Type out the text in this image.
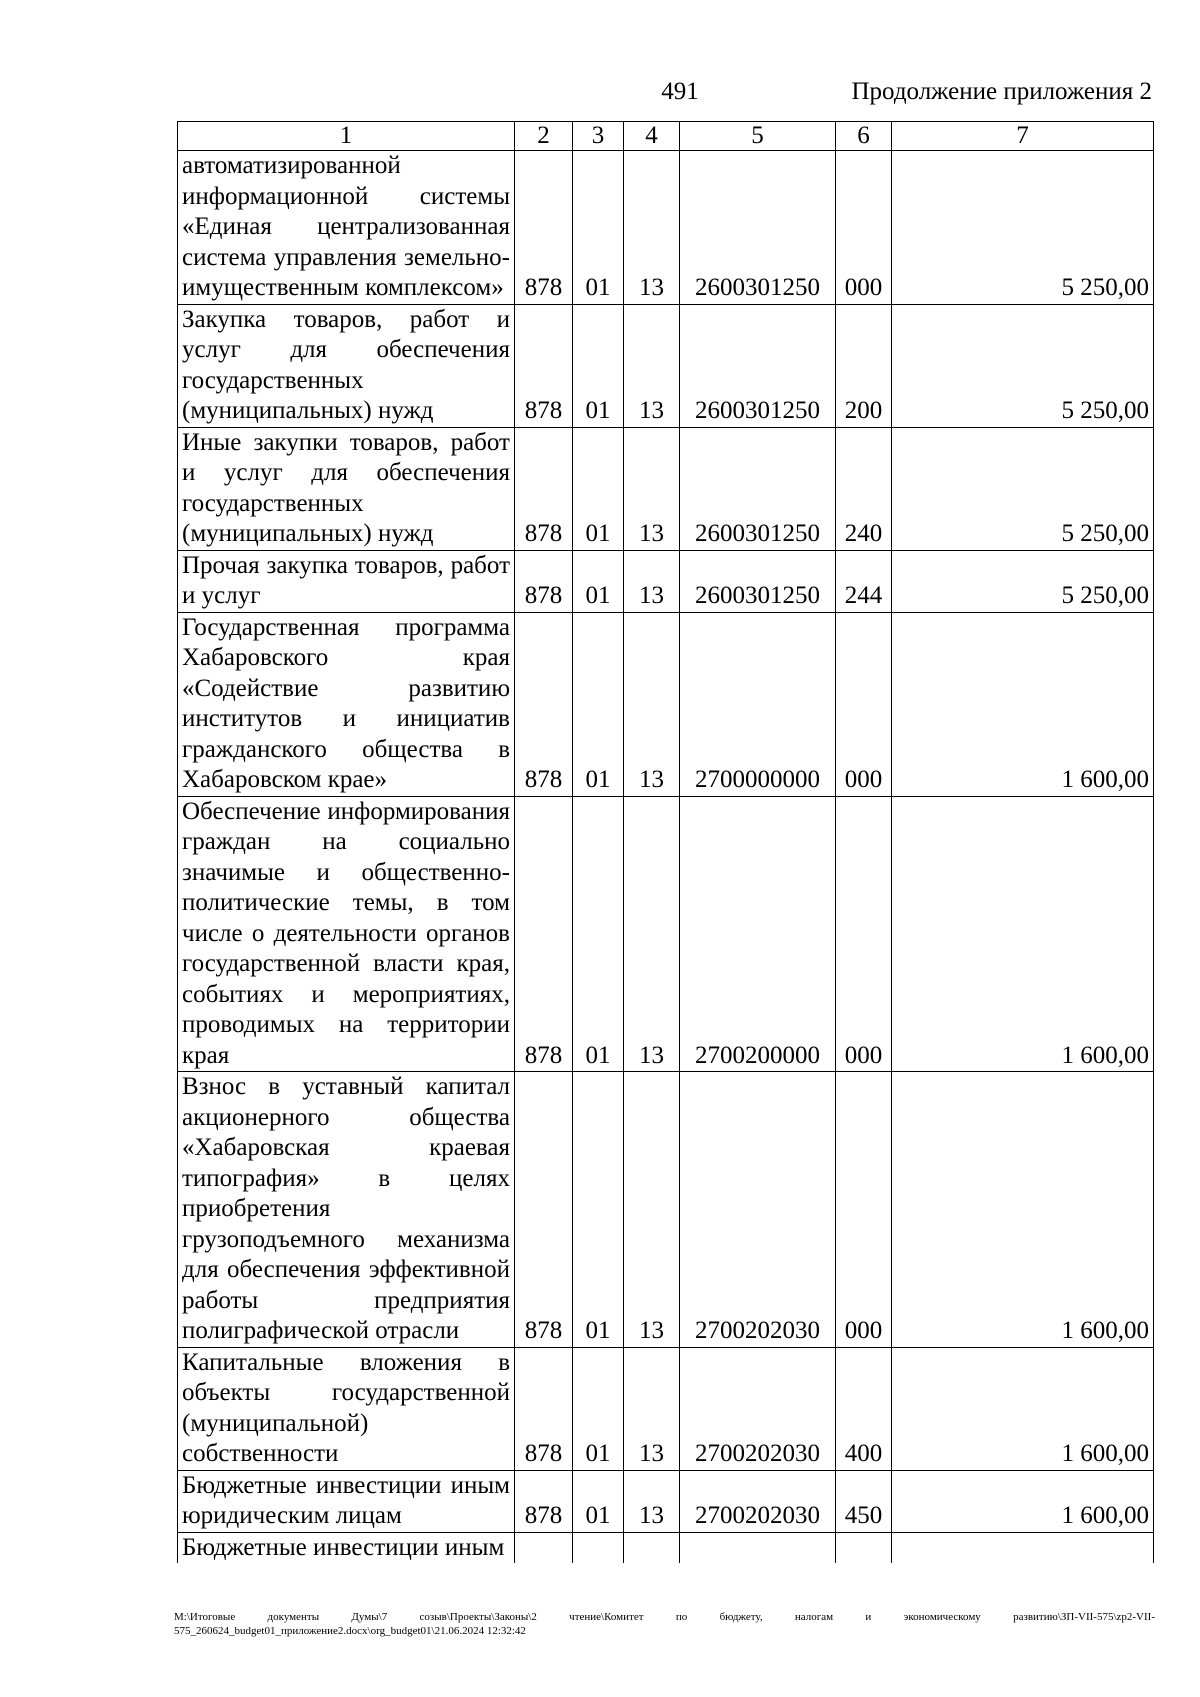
491	Продолжение приложения 2
1	2	3	4	5	6	7
автоматизированной информационной системы «Единая централизованная система управления земельно-имущественным комплексом»	878	01	13	2600301250	000	5 250,00
Закупка товаров, работ и услуг для обеспечения государственных (муниципальных) нужд	878	01	13	2600301250	200	5 250,00
Иные закупки товаров, работ и услуг для обеспечения государственных (муниципальных) нужд	878	01	13	2600301250	240	5 250,00
Прочая закупка товаров, работ и услуг	878	01	13	2600301250	244	5 250,00
Государственная программа Хабаровского края «Содействие развитию институтов и инициатив гражданского общества в Хабаровском крае»	878	01	13	2700000000	000	1 600,00
Обеспечение информирования граждан на социально значимые и общественно-политические темы, в том числе о деятельности органов государственной власти края, событиях и мероприятиях, проводимых на территории края	878	01	13	2700200000	000	1 600,00
Взнос в уставный капитал акционерного общества «Хабаровская краевая типография» в целях приобретения грузоподъемного механизма для обеспечения эффективной работы предприятия полиграфической отрасли	878	01	13	2700202030	000	1 600,00
Капитальные вложения в объекты государственной (муниципальной) собственности	878	01	13	2700202030	400	1 600,00
Бюджетные инвестиции иным юридическим лицам	878	01	13	2700202030	450	1 600,00
Бюджетные инвестиции иным						
M:\Итоговые документы Думы\7 созыв\Проекты\Законы\2 чтение\Комитет по бюджету, налогам и экономическому развитию\ЗП-VII-575\zp2-VII-575_260624_budget01_приложение2.docx\org_budget01\21.06.2024 12:32:42
